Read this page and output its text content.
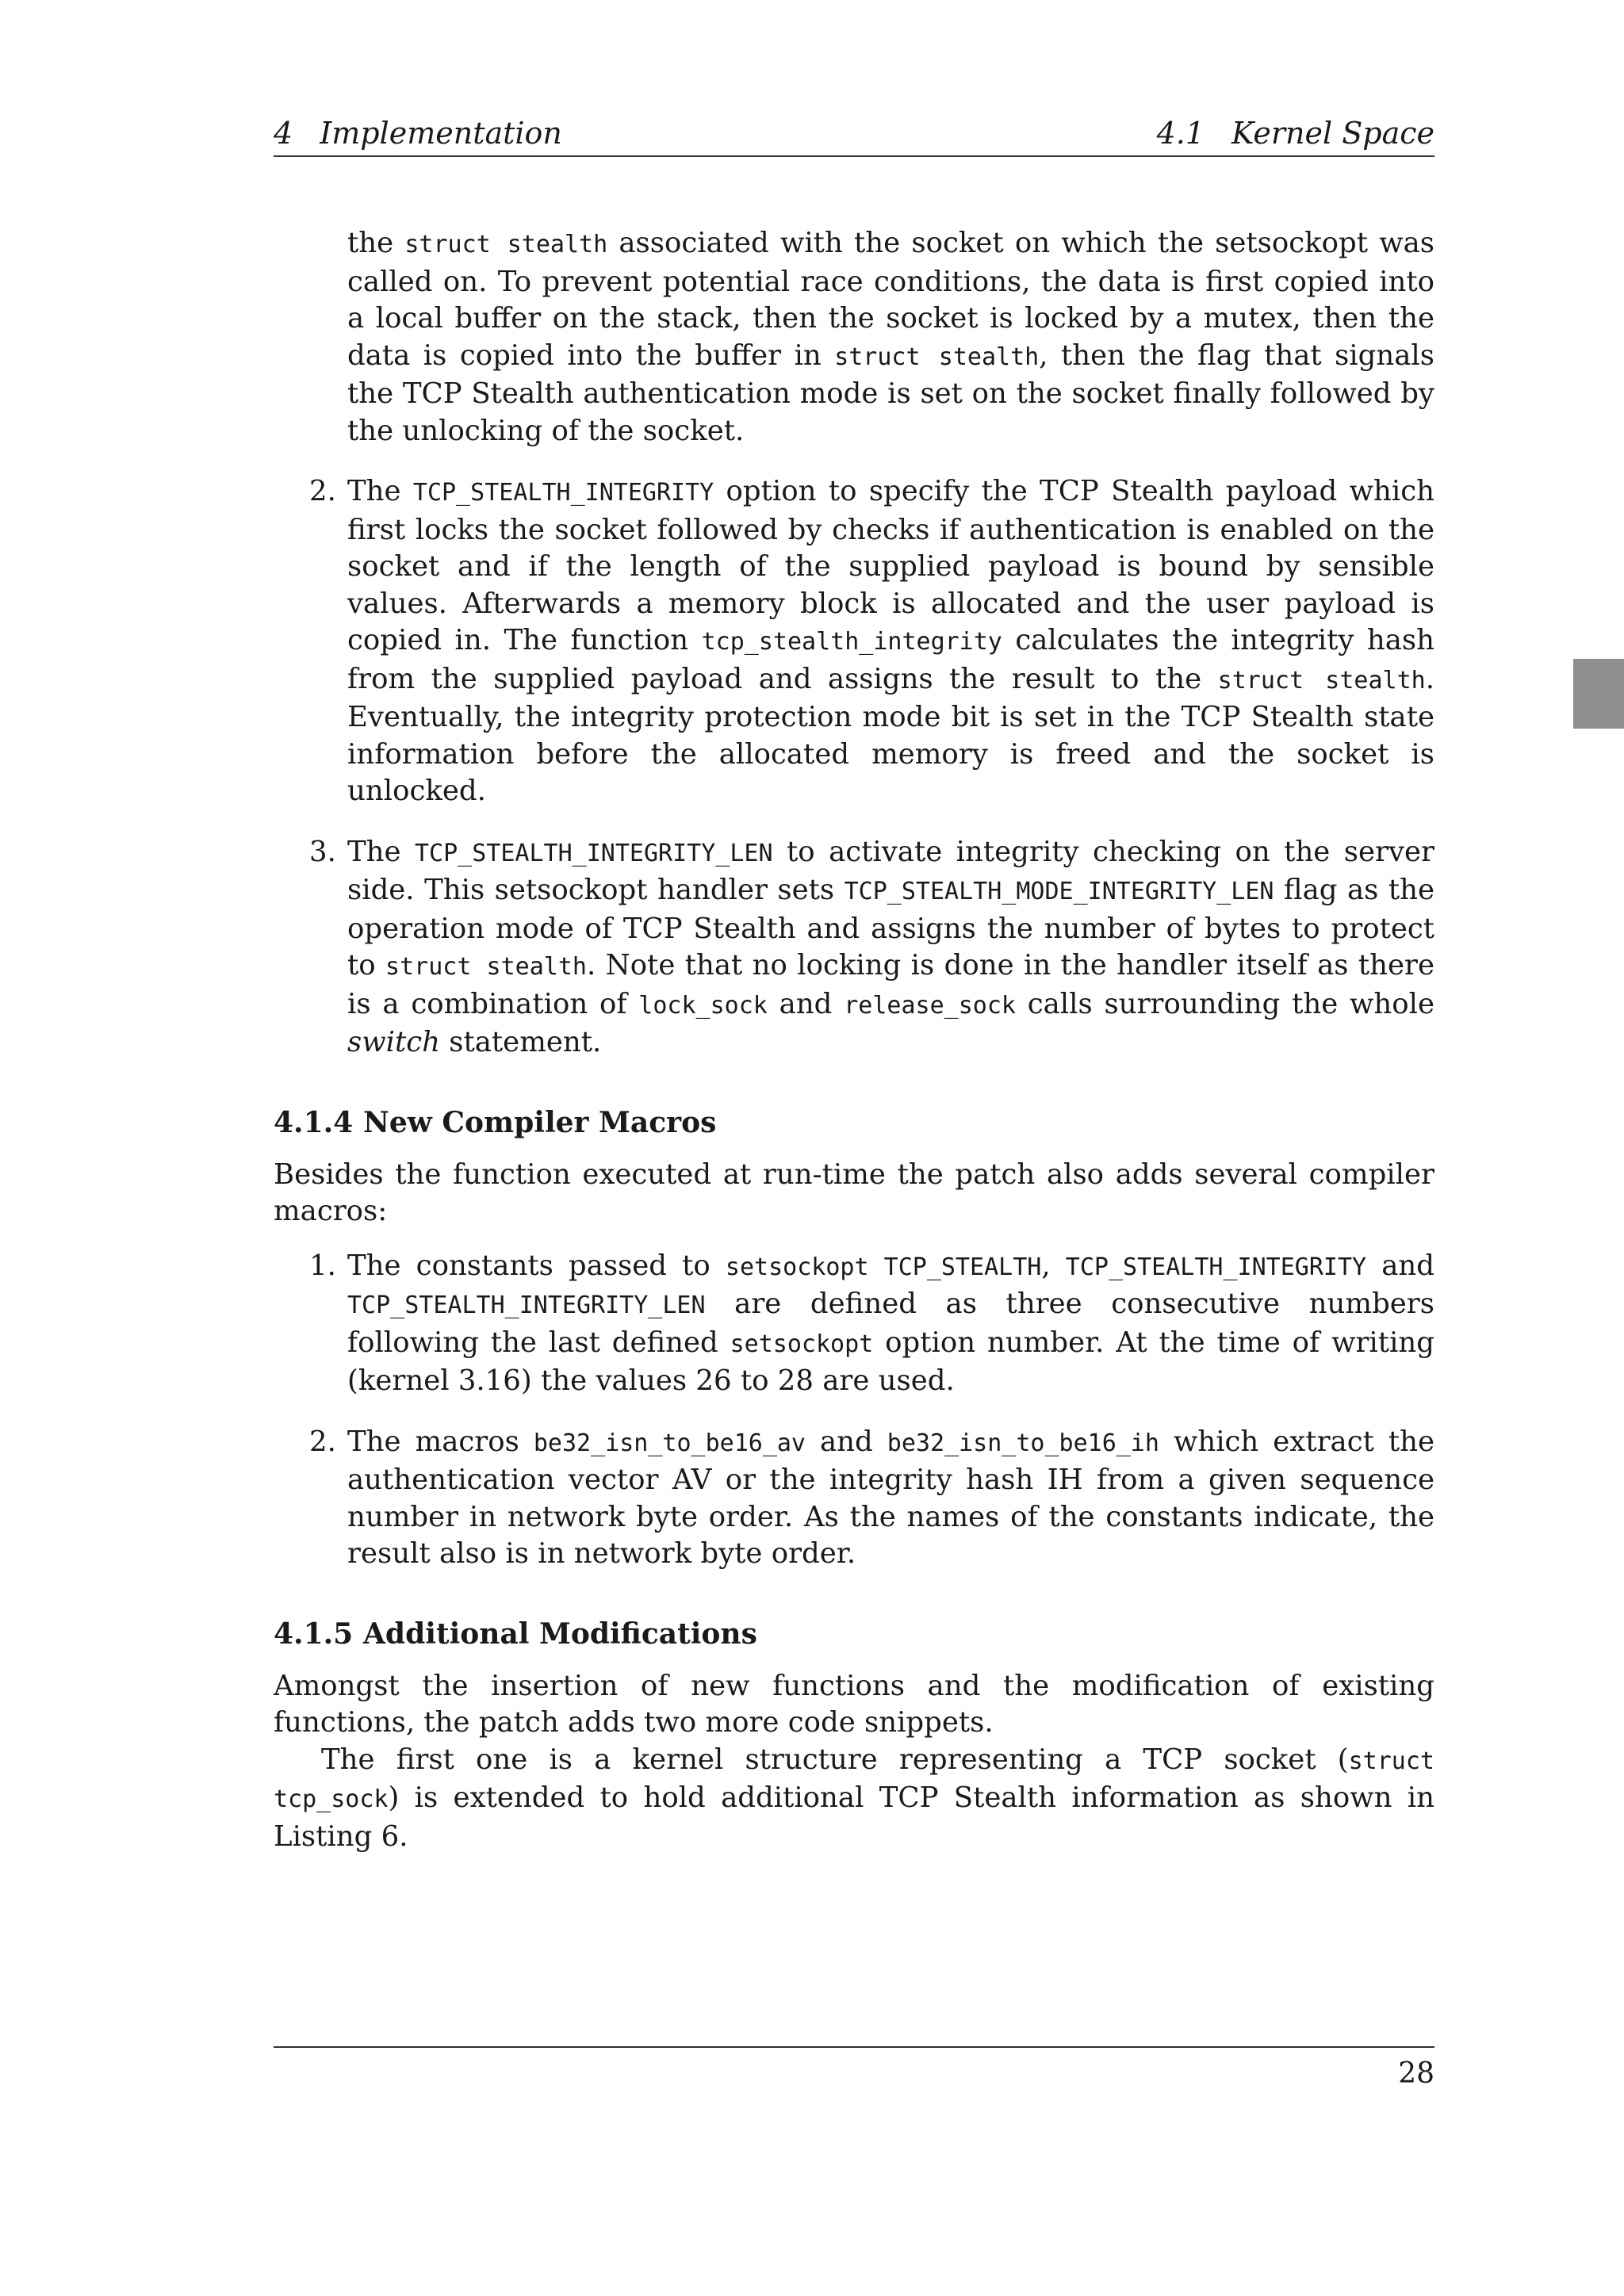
4 Implementation	4.1 Kernel Space

the struct stealth associated with the socket on which the setsockopt was called on. To prevent potential race conditions, the data is first copied into a local buffer on the stack, then the socket is locked by a mutex, then the data is copied into the buffer in struct stealth, then the flag that signals the TCP Stealth authentication mode is set on the socket finally followed by the unlocking of the socket.

2. The TCP_STEALTH_INTEGRITY option to specify the TCP Stealth payload which first locks the socket followed by checks if authentication is enabled on the socket and if the length of the supplied payload is bound by sensible values. Afterwards a memory block is allocated and the user payload is copied in. The function tcp_stealth_integrity calculates the integrity hash from the supplied payload and assigns the result to the struct stealth. Eventually, the integrity protection mode bit is set in the TCP Stealth state information before the allocated memory is freed and the socket is unlocked.

3. The TCP_STEALTH_INTEGRITY_LEN to activate integrity checking on the server side. This setsockopt handler sets TCP_STEALTH_MODE_INTEGRITY_LEN flag as the operation mode of TCP Stealth and assigns the number of bytes to protect to struct stealth. Note that no locking is done in the handler itself as there is a combination of lock_sock and release_sock calls surrounding the whole switch statement.

4.1.4 New Compiler Macros

Besides the function executed at run-time the patch also adds several compiler macros:

1. The constants passed to setsockopt TCP_STEALTH, TCP_STEALTH_INTEGRITY and TCP_STEALTH_INTEGRITY_LEN are defined as three consecutive numbers following the last defined setsockopt option number. At the time of writing (kernel 3.16) the values 26 to 28 are used.

2. The macros be32_isn_to_be16_av and be32_isn_to_be16_ih which extract the authentication vector AV or the integrity hash IH from a given sequence number in network byte order. As the names of the constants indicate, the result also is in network byte order.

4.1.5 Additional Modifications

Amongst the insertion of new functions and the modification of existing functions, the patch adds two more code snippets.

The first one is a kernel structure representing a TCP socket (struct tcp_sock) is extended to hold additional TCP Stealth information as shown in Listing 6.

28
